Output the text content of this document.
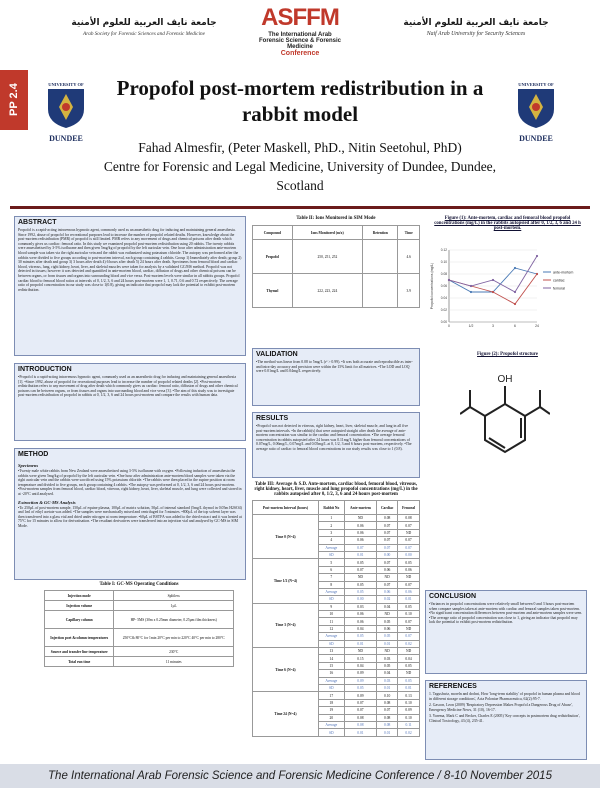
PP 2.4
جامعة نايف العربية للعلوم الأمنية
Arab Society for Forensic Sciences and Forensic Medicine
ASFFM
The International Arab
Forensic Science & Forensic Medicine
Conference
جامعة نايف العربية للعلوم الأمنية
Naif Arab University for Security Sciences
UNIVERSITY OF
DUNDEE
UNIVERSITY OF
DUNDEE
Propofol post-mortem redistribution in a rabbit model
Fahad Almesfir, (Peter Maskell, PhD., Nitin Seetohul, PhD)
Centre for Forensic and Legal Medicine, University of Dundee, Dundee, Scotland
ABSTRACT

Propofol is a rapid-acting intravenous hypnotic agent, commonly used as an anaesthetic drug for inducing and maintaining general anaesthesia. Since 1992, abuse of propofol for recreational purposes lead to increase the number of propofol related deaths. However, knowledge about the post-mortem redistribution (PMR) of propofol is still limited. PMR refers to any movement of drugs and chemical poisons after death which commonly gives us cardiac: femoral ratio. In this study we examined propofol post-mortem redistribution using 20 rabbits. The twenty rabbits were anaesthetised by 3-5% isoflurane and then given 5mg/kg of propofol by the left auricular vein. One hour after administration ante-mortem blood sample was taken via the right auricular vein and the rabbit was euthanized using potassium chloride. The autopsy was performed after the rabbits were divided to five groups according to post-mortem interval, each group containing 4 rabbits. Group 1) Immediately after death; group 2) 30 minutes after death and group 3) 3 hours after death 4) 6 hours after death 5) 24 hours after death. Specimens from femoral blood and cardiac blood, vitreous, lung, right kidney, heart, liver, and skeletal muscles were taken for analysis by a validated GC/MS method. Propofol was not detected in tissues; however it was detected and quantified in ante-mortem blood, cardiac, diffusion of drugs and other chemical poisons can be between organs, or from tissues and organs into surrounding blood and vice versa. Post-mortem levels were similar in all rabbits groups. Propofol cardiac blood to femoral blood ratios at intervals of 0, 1/2, 3, 6 and 24 hours post-mortem were 1, 1, 0.71, 0.6 and 0.72 respectively. The average ratio of propofol concentration in our study was close to 1(0.8), giving an indicator that propofol may lack the potential to exhibit post-mortem redistribution.

INTRODUCTION

•Propofol is a rapid-acting intravenous hypnotic agent, commonly used as an anaesthetic drug for inducing and maintaining general anaesthesia [1]. •Since 1992, abuse of propofol for recreational purposes lead to increase the number of propofol related deaths [2]. •Post-mortem redistribution refers to any movement of drug after death which commonly gives us cardiac: femoral ratio, diffusion of drugs and other chemical poisons can be between organs, or from tissues and organs into surrounding blood and vice versa [3]. •The aim of this study was to investigate post-mortem redistribution of propofol in rabbits at 0, 1/2, 3, 6 and 24 hours post-mortem and compare the results with human data.

METHOD
Specimens

•Twenty male white rabbits from New Zealand were anaesthetised using 3-5% isoflurane with oxygen. •Following induction of anaesthesia the rabbits were given 5mg/kg of propofol by the left auricular vein. •One hour after administration ante-mortem blood samples were taken via the right auricular vein and the rabbits were sacrificed using 15% potassium chloride. •The rabbits were then placed in the supine position at room temperature and divided to five groups, each group containing 4 rabbits. •The autopsy was performed at 0, 1/2, 3, 6 and 24 hours post-mortem. •Post-mortem samples from femoral blood, cardiac blood, vitreous, right kidney, heart, liver, skeletal muscle, and lung were collected and stored in at -20°C until analysed.

Extraction & GC-MS Analysis

•To 250µL of post-mortem sample, 150µL of equine plasma, 100µL of matrix solution, 50µL of internal standard (5mg/L thymol in 0.05m H2SO4) and 1ml of ethyl acetate was added. •The samples were mechanically mixed and centrifuged for 5 minutes. •800µL of the top solvent layer was then transferred into a glass vial and dried under nitrogen at room temperature. •60µL of BSTFA was added to the dried extract and it was heated at 75°C for 15 minutes to allow for derivatisation. •The resultant derivatives were transferred into an injection vial and analysed by GC-MS in SIM Mode.

Table I: GC-MS Operating Conditions
Injection mode	Splitless
Injection volume	1µL
Capillary column	HP- 5MS (30m x 0.25mm diameter, 0.25µm film thickness)
Injection port &column temperatures	250°C& 80°C for 1min 20°C per min to 220°C 40°C per min to 280°C
Source and transfer line temperature	230°C
Total run time	11 minutes
Table II: Ions Monitored in SIM Mode
Compound	Ions Monitored (m/z)	Retention	Time
Propofol	250, 251, 252		4.6
Thymol	222, 223, 224		3.9
VALIDATION

•The method was linear from 0.08 to 5mg/L (r² > 0.99). •It was both accurate and reproducible as inter- and intra-day accuracy and precision were within the 15% limit for all matrices. •The LOD and LOQ were 0.01mg/L and 0.04mg/L respectively.

RESULTS

•Propofol was not detected in vitreous, right kidney, heart, liver, skeletal muscle, and lung in all five post-mortem intervals. •In the rabbit(s) that were autopsied straight after death the average of ante-mortem concentration was similar to the cardiac and femoral concentration. •The average femoral concentration in rabbits autopsied after 24 hours was 0.11mg/L higher than femoral concentrations of 0.07mg/L, 0.06mg/L, 0.07mg/L and 0.05mg/L at 0, 1/2, 3 and 6 hours post-mortem, respectively. •The average ratio of cardiac to femoral blood concentrations in our study results was close to 1 (0.8).

Table III: Average & S.D. Ante-mortem, cardiac blood, femoral blood, vitreous, right kidney, heart, liver, muscle and lung propofol concentrations (mg/L) in the rabbits autopsied after 0, 1/2, 3, 6 and 24 hours post-mortem
Post-mortem Interval (hours)	Rabbit No	Ante-mortem	Cardiac	Femoral
Time 0 (N=4)	1	ND	0.08	0.08
	2	0.06	0.07	0.07
	3	0.06	0.07	ND
	4	0.06	0.07	0.07
	Average	0.07	0.07	0.07
	SD	0.01	0.00	0.00
Time 1/2 (N=4)	5	0.05	0.07	0.05
	6	0.07	0.06	0.06
	7	ND	ND	ND
	8	0.05	0.07	0.07
	Average	0.05	0.06	0.06
	SD	0.00	0.02	0.01
Time 3 (N=4)	9	0.03	0.04	0.05
	10	0.06	ND	0.10
	11	0.06	0.05	0.07
	12	0.04	0.06	ND
	Average	0.05	0.05	0.07
	SD	0.01	0.01	0.02
Time 6 (N=4)	13	ND	ND	ND
	14	0.15	0.03	0.04
	15	0.04	0.05	0.05
	16	0.09	0.04	ND
	Average	0.09	0.03	0.05
	SD	0.05	0.01	0.01
Time 24 (N=4)	17	0.09	0.10	0.13
	18	0.07	0.08	0.10
	19	0.07	0.07	0.09
	20	0.08	0.08	0.10
	Average	0.08	0.08	0.11
	SD	0.01	0.01	0.02
Figure (1): Ante-mortem, cardiac and femoral blood propofol concentrations (mg/L) in the rabbits autopsied after 0, 1/2, 3, 6 and 24 h post-mortem.
0.00
0.02
0.04
0.06
0.08
0.10
0.12
0	1/2	3	6	24
Propofol concentrations (mg/L)	ante-mortem
cardiac
femoral
Figure (2): Propofol structure
OH
CONCLUSION

•Variances in propofol concentrations were relatively small between 0 and 3 hours post-mortem when compare samples taken at ante-mortem with cardiac and femoral samples taken post-mortem. •No significant concentration differences between post-mortem and ante-mortem samples were seen. •The average ratio of propofol concentration was close to 1, giving an indicator that propofol may lack the potential to exhibit post-mortem redistribution.

REFERENCES

1. Tagushwiz, moreln and drohni, How 'long-term stability' of propofol in human plasma and blood in different storage conditions', Acta Poloniae Pharmaceutica, 62(2):95-7.

2. Gascon, Leon (2009) 'Respiratory Depression Makes Propofol a Dangerous Drug of Abuse', Emergency Medicine News, 31 (10), 16-17.

3. Yarema, Mark C and Becker, Charles E (2005) 'Key concepts in postmortem drug redistribution', Clinical Toxicology, 43 (4), 235-41.

The International Arab Forensic Science and Forensic Medicine Conference / 8-10 November 2015
